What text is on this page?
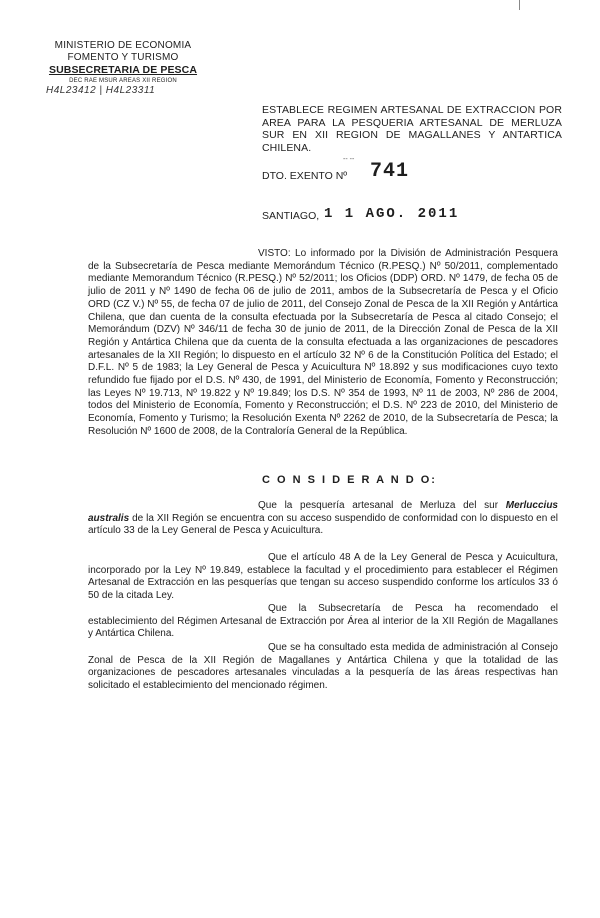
MINISTERIO DE ECONOMIA
FOMENTO Y TURISMO
SUBSECRETARIA DE PESCA
DEC RAE MSUR AREAS XII REGION
H4L23412 | H4L23311
ESTABLECE REGIMEN ARTESANAL DE EXTRACCION POR AREA PARA LA PESQUERIA ARTESANAL DE MERLUZA SUR EN XII REGION DE MAGALLANES Y ANTARTICA CHILENA.
-- --
DTO. EXENTO Nº 741
SANTIAGO, 1 1 AGO. 2011
VISTO: Lo informado por la División de Administración Pesquera de la Subsecretaría de Pesca mediante Memorándum Técnico (R.PESQ.) Nº 50/2011, complementado mediante Memorandum Técnico (R.PESQ.) Nº 52/2011; los Oficios (DDP) ORD. Nº 1479, de fecha 05 de julio de 2011 y Nº 1490 de fecha 06 de julio de 2011, ambos de la Subsecretaría de Pesca y el Oficio ORD (CZ V.) Nº 55, de fecha 07 de julio de 2011, del Consejo Zonal de Pesca de la XII Región y Antártica Chilena, que dan cuenta de la consulta efectuada por la Subsecretaría de Pesca al citado Consejo; el Memorándum (DZV) Nº 346/11 de fecha 30 de junio de 2011, de la Dirección Zonal de Pesca de la XII Región y Antártica Chilena que da cuenta de la consulta efectuada a las organizaciones de pescadores artesanales de la XII Región; lo dispuesto en el artículo 32 Nº 6 de la Constitución Política del Estado; el D.F.L. Nº 5 de 1983; la Ley General de Pesca y Acuicultura Nº 18.892 y sus modificaciones cuyo texto refundido fue fijado por el D.S. Nº 430, de 1991, del Ministerio de Economía, Fomento y Reconstrucción; las Leyes Nº 19.713, Nº 19.822 y Nº 19.849; los D.S. Nº 354 de 1993, Nº 11 de 2003, Nº 286 de 2004, todos del Ministerio de Economía, Fomento y Reconstrucción; el D.S. Nº 223 de 2010, del Ministerio de Economía, Fomento y Turismo; la Resolución Exenta Nº 2262 de 2010, de la Subsecretaría de Pesca; la Resolución Nº 1600 de 2008, de la Contraloría General de la República.
C O N S I D E R A N D O:
Que la pesquería artesanal de Merluza del sur Merluccius australis de la XII Región se encuentra con su acceso suspendido de conformidad con lo dispuesto en el artículo 33 de la Ley General de Pesca y Acuicultura.
Que el artículo 48 A de la Ley General de Pesca y Acuicultura, incorporado por la Ley Nº 19.849, establece la facultad y el procedimiento para establecer el Régimen Artesanal de Extracción en las pesquerías que tengan su acceso suspendido conforme los artículos 33 ó 50 de la citada Ley.
Que la Subsecretaría de Pesca ha recomendado el establecimiento del Régimen Artesanal de Extracción por Área al interior de la XII Región de Magallanes y Antártica Chilena.
Que se ha consultado esta medida de administración al Consejo Zonal de Pesca de la XII Región de Magallanes y Antártica Chilena y que la totalidad de las organizaciones de pescadores artesanales vinculadas a la pesquería de las áreas respectivas han solicitado el establecimiento del mencionado régimen.
